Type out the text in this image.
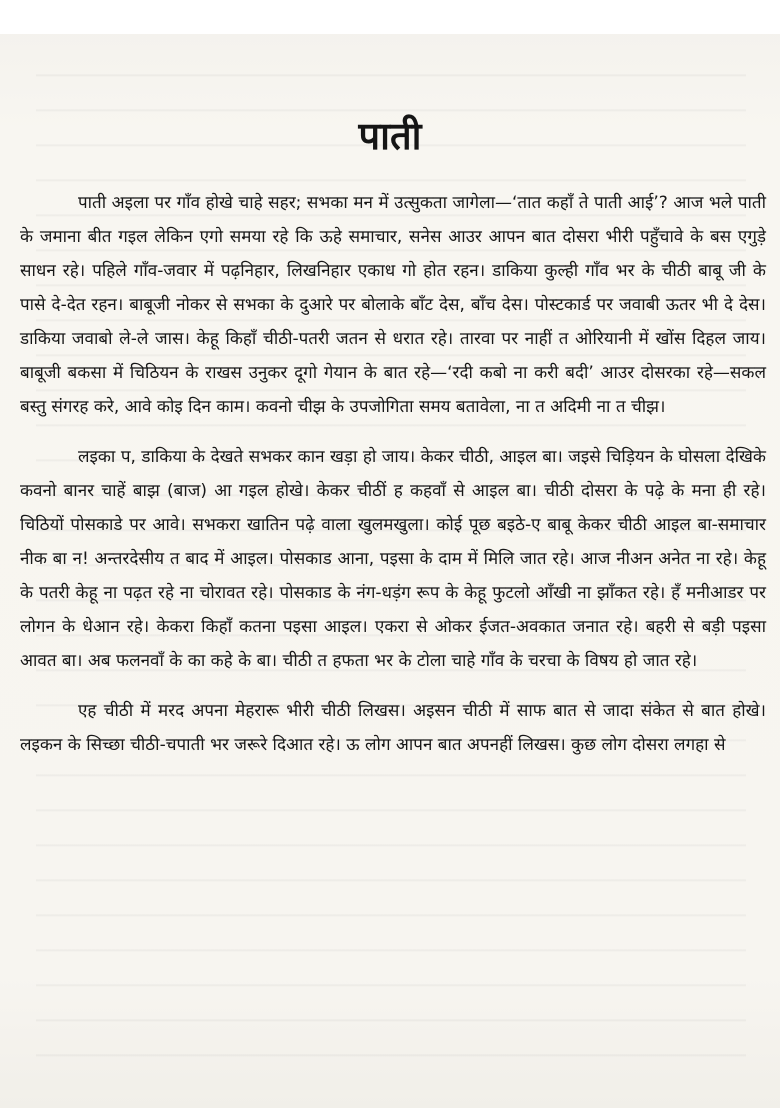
पाती

पाती अइला पर गाँव होखे चाहे सहर; सभका मन में उत्सुकता जागेला—‘तात कहाँ ते पाती आई’? आज भले पाती के जमाना बीत गइल लेकिन एगो समया रहे कि ऊहे समाचार, सनेस आउर आपन बात दोसरा भीरी पहुँचावे के बस एगुड़े साधन रहे। पहिले गाँव-जवार में पढ़निहार, लिखनिहार एकाध गो होत रहन। डाकिया कुल्ही गाँव भर के चीठी बाबू जी के पासे दे-देत रहन। बाबूजी नोकर से सभका के दुआरे पर बोलाके बाँट देस, बाँच देस। पोस्टकार्ड पर जवाबी ऊतर भी दे देस। डाकिया जवाबो ले-ले जास। केहू किहाँ चीठी-पतरी जतन से धरात रहे। तारवा पर नाहीं त ओरियानी में खोंस दिहल जाय। बाबूजी बकसा में चिठियन के राखस उनुकर दूगो गेयान के बात रहे—‘रदी कबो ना करी बदी’ आउर दोसरका रहे—सकल बस्तु संगरह करे, आवे कोइ दिन काम। कवनो चीझ के उपजोगिता समय बतावेला, ना त अदिमी ना त चीझ।

लइका प, डाकिया के देखते सभकर कान खड़ा हो जाय। केकर चीठी, आइल बा। जइसे चिड़ियन के घोसला देखिके कवनो बानर चाहें बाझ (बाज) आ गइल होखे। केकर चीठीं ह कहवाँ से आइल बा। चीठी दोसरा के पढ़े के मना ही रहे। चिठियों पोसकाडे पर आवे। सभकरा खातिन पढ़े वाला खुलमखुला। कोई पूछ बइठे-ए बाबू केकर चीठी आइल बा-समाचार नीक बा न! अन्तरदेसीय त बाद में आइल। पोसकाड आना, पइसा के दाम में मिलि जात रहे। आज नीअन अनेत ना रहे। केहू के पतरी केहू ना पढ़त रहे ना चोरावत रहे। पोसकाड के नंग-धड़ंग रूप के केहू फुटलो आँखी ना झाँकत रहे। हँ मनीआडर पर लोगन के धेआन रहे। केकरा किहाँ कतना पइसा आइल। एकरा से ओकर ईजत-अवकात जनात रहे। बहरी से बड़ी पइसा आवत बा। अब फलनवाँ के का कहे के बा। चीठी त हफता भर के टोला चाहे गाँव के चरचा के विषय हो जात रहे।

एह चीठी में मरद अपना मेहरारू भीरी चीठी लिखस। अइसन चीठी में साफ बात से जादा संकेत से बात होखे। लइकन के सिच्छा चीठी-चपाती भर जरूरे दिआत रहे। ऊ लोग आपन बात अपनहीं लिखस। कुछ लोग दोसरा लगहा से
